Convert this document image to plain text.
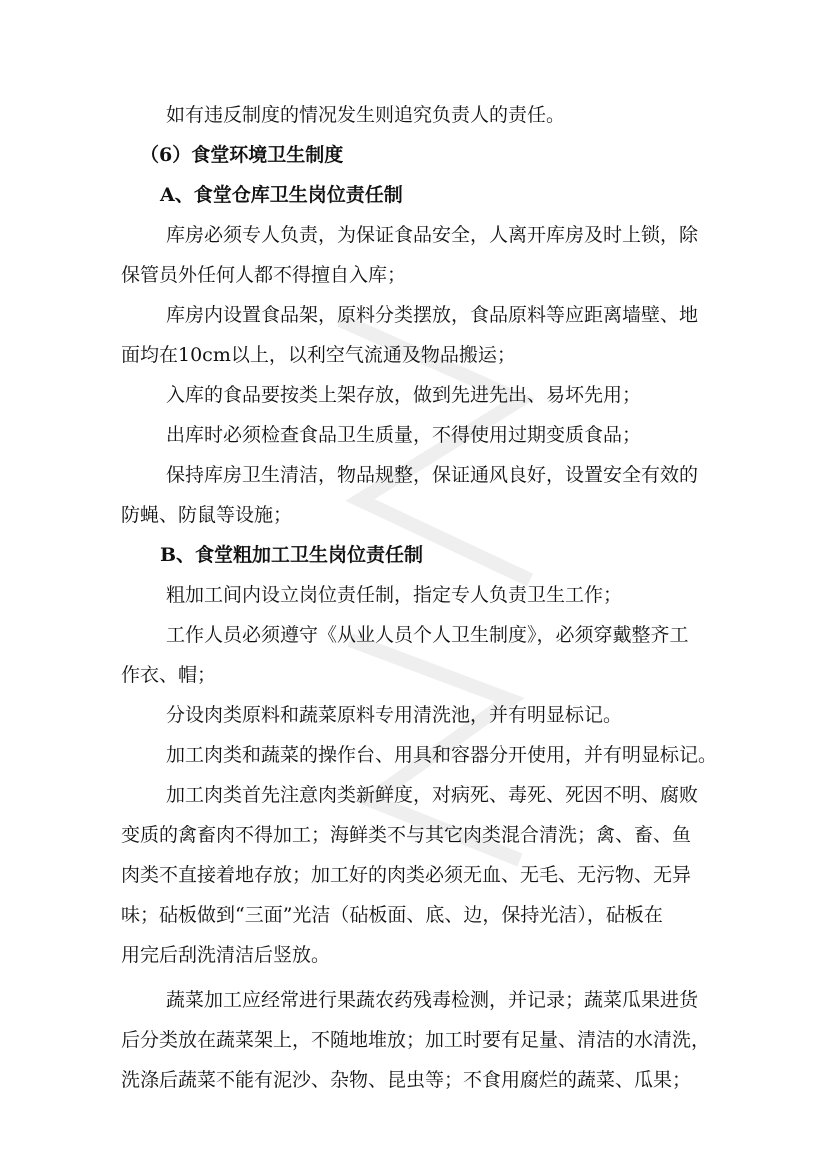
如有违反制度的情况发生则追究负责人的责任。
（6）食堂环境卫生制度
A、食堂仓库卫生岗位责任制
库房必须专人负责，为保证食品安全，人离开库房及时上锁，除
保管员外任何人都不得擅自入库；
库房内设置食品架，原料分类摆放，食品原料等应距离墙壁、地
面均在10cm以上，以利空气流通及物品搬运；
入库的食品要按类上架存放，做到先进先出、易坏先用；
出库时必须检查食品卫生质量，不得使用过期变质食品；
保持库房卫生清洁，物品规整，保证通风良好，设置安全有效的
防蝇、防鼠等设施；
B、食堂粗加工卫生岗位责任制
粗加工间内设立岗位责任制，指定专人负责卫生工作；
工作人员必须遵守《从业人员个人卫生制度》，必须穿戴整齐工
作衣、帽；
分设肉类原料和蔬菜原料专用清洗池，并有明显标记。
加工肉类和蔬菜的操作台、用具和容器分开使用，并有明显标记。
加工肉类首先注意肉类新鲜度，对病死、毒死、死因不明、腐败
变质的禽畜肉不得加工；海鲜类不与其它肉类混合清洗；禽、畜、鱼
肉类不直接着地存放；加工好的肉类必须无血、无毛、无污物、无异
味；砧板做到“三面”光洁（砧板面、底、边，保持光洁），砧板在
用完后刮洗清洁后竖放。
蔬菜加工应经常进行果蔬农药残毒检测，并记录；蔬菜瓜果进货
后分类放在蔬菜架上，不随地堆放；加工时要有足量、清洁的水清洗，
洗涤后蔬菜不能有泥沙、杂物、昆虫等；不食用腐烂的蔬菜、瓜果；
